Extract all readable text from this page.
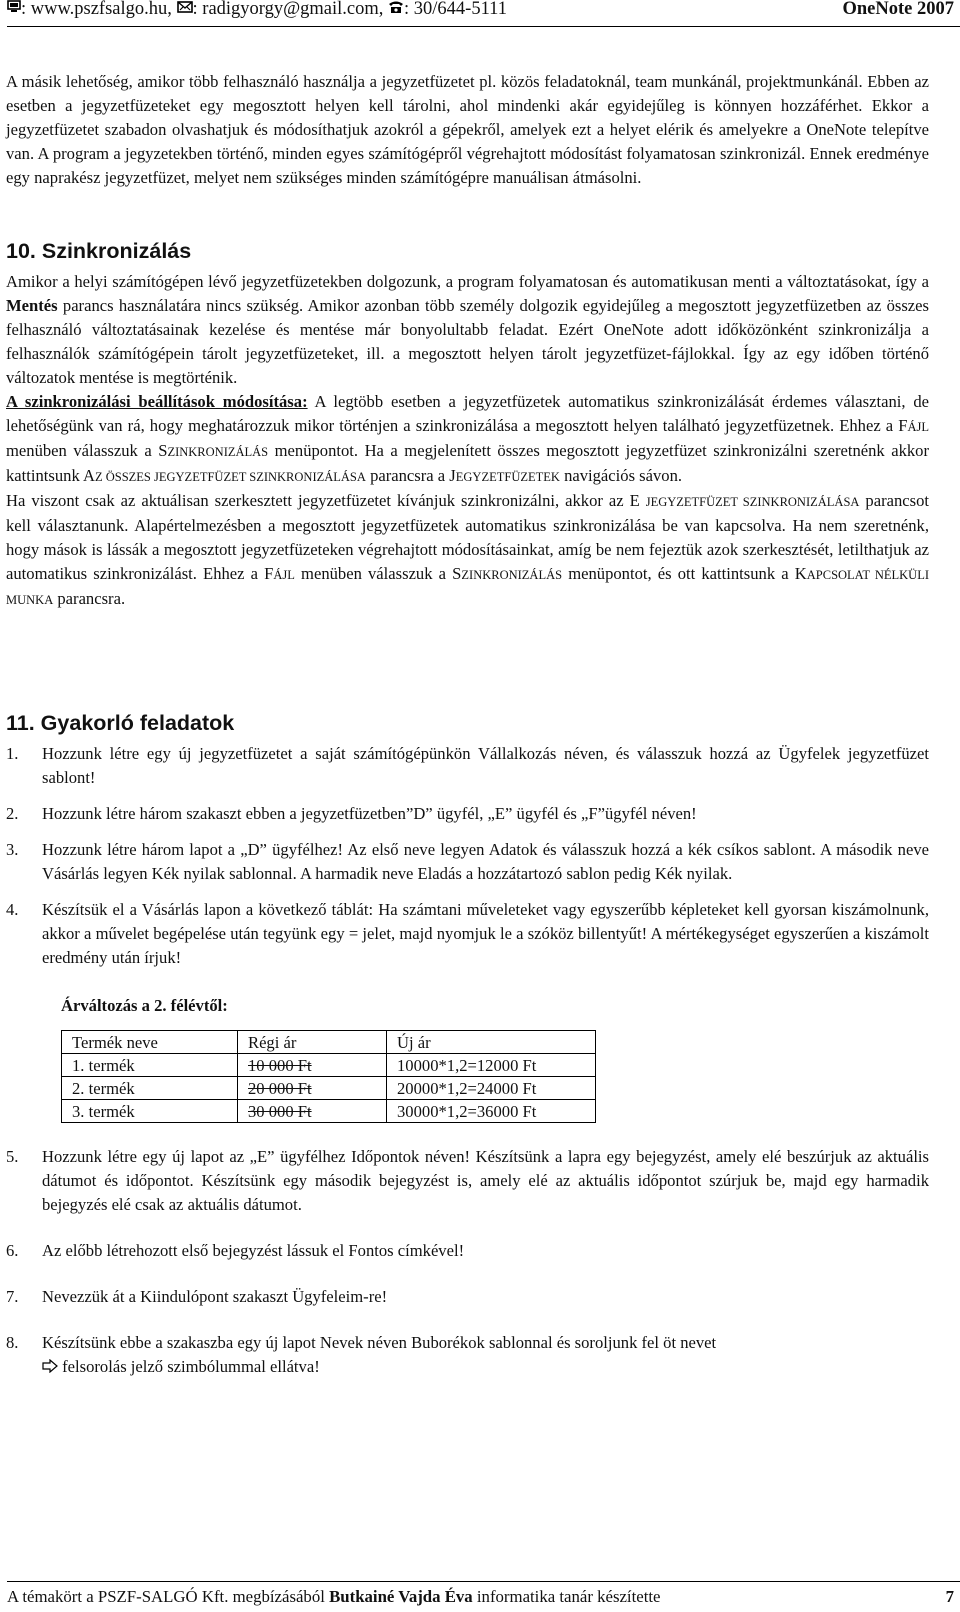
: www.pszfsalgo.hu, : radigyorgy@gmail.com, : 30/644-5111	OneNote 2007

A másik lehetőség, amikor több felhasználó használja a jegyzetfüzetet pl. közös feladatoknál, team munkánál, projektmunkánál. Ebben az esetben a jegyzetfüzeteket egy megosztott helyen kell tárolni, ahol mindenki akár egyidejűleg is könnyen hozzáférhet. Ekkor a jegyzetfüzetet szabadon olvashatjuk és módosíthatjuk azokról a gépekről, amelyek ezt a helyet elérik és amelyekre a OneNote telepítve van. A program a jegyzetekben történő, minden egyes számítógépről végrehajtott módosítást folyamatosan szinkronizál. Ennek eredménye egy naprakész jegyzetfüzet, melyet nem szükséges minden számítógépre manuálisan átmásolni.

10. Szinkronizálás

Amikor a helyi számítógépen lévő jegyzetfüzetekben dolgozunk, a program folyamatosan és automatikusan menti a változtatásokat, így a Mentés parancs használatára nincs szükség. Amikor azonban több személy dolgozik egyidejűleg a megosztott jegyzetfüzetben az összes felhasználó változtatásainak kezelése és mentése már bonyolultabb feladat. Ezért OneNote adott időközönként szinkronizálja a felhasználók számítógépein tárolt jegyzetfüzeteket, ill. a megosztott helyen tárolt jegyzetfüzet-fájlokkal. Így az egy időben történő változatok mentése is megtörténik.

A szinkronizálási beállítások módosítása: A legtöbb esetben a jegyzetfüzetek automatikus szinkronizálását érdemes választani, de lehetőségünk van rá, hogy meghatározzuk mikor történjen a szinkronizálása a megosztott helyen található jegyzetfüzetnek. Ehhez a FÁJL menüben válasszuk a SZINKRONIZÁLÁS menüpontot. Ha a megjelenített összes megosztott jegyzetfüzet szinkronizálni szeretnénk akkor kattintsunk AZ ÖSSZES JEGYZETFÜZET SZINKRONIZÁLÁSA parancsra a JEGYZETFÜZETEK navigációs sávon.

Ha viszont csak az aktuálisan szerkesztett jegyzetfüzetet kívánjuk szinkronizálni, akkor az E JEGYZETFÜZET SZINKRONIZÁLÁSA parancsot kell választanunk. Alapértelmezésben a megosztott jegyzetfüzetek automatikus szinkronizálása be van kapcsolva. Ha nem szeretnénk, hogy mások is lássák a megosztott jegyzetfüzeteken végrehajtott módosításainkat, amíg be nem fejeztük azok szerkesztését, letilthatjuk az automatikus szinkronizálást. Ehhez a FÁJL menüben válasszuk a SZINKRONIZÁLÁS menüpontot, és ott kattintsunk a KAPCSOLAT NÉLKÜLI MUNKA parancsra.

11. Gyakorló feladatok
1.	Hozzunk létre egy új jegyzetfüzetet a saját számítógépünkön Vállalkozás néven, és válasszuk hozzá az Ügyfelek jegyzetfüzet sablont!
2.	Hozzunk létre három szakaszt ebben a jegyzetfüzetben”D” ügyfél, „E” ügyfél és „F”ügyfél néven!
3.	Hozzunk létre három lapot a „D” ügyfélhez! Az első neve legyen Adatok és válasszuk hozzá a kék csíkos sablont. A második neve Vásárlás legyen Kék nyilak sablonnal. A harmadik neve Eladás a hozzátartozó sablon pedig Kék nyilak.
4.	Készítsük el a Vásárlás lapon a következő táblát: Ha számtani műveleteket vagy egyszerűbb képleteket kell gyorsan kiszámolnunk, akkor a művelet begépelése után tegyünk egy = jelet, majd nyomjuk le a szóköz billentyűt! A mértékegységet egyszerűen a kiszámolt eredmény után írjuk!
Árváltozás a 2. félévtől:
Termék neve	Régi ár	Új ár
1. termék	10 000 Ft	10000*1,2=12000 Ft
2. termék	20 000 Ft	20000*1,2=24000 Ft
3. termék	30 000 Ft	30000*1,2=36000 Ft
5.	Hozzunk létre egy új lapot az „E” ügyfélhez Időpontok néven! Készítsünk a lapra egy bejegyzést, amely elé beszúrjuk az aktuális dátumot és időpontot. Készítsünk egy második bejegyzést is, amely elé az aktuális időpontot szúrjuk be, majd egy harmadik bejegyzés elé csak az aktuális dátumot.
6.	Az előbb létrehozott első bejegyzést lássuk el Fontos címkével!
7.	Nevezzük át a Kiindulópont szakaszt Ügyfeleim-re!
8.	Készítsünk ebbe a szakaszba egy új lapot Nevek néven Buborékok sablonnal és soroljunk fel öt nevet
felsorolás jelző szimbólummal ellátva!
A témakört a PSZF-SALGÓ Kft. megbízásából Butkainé Vajda Éva informatika tanár készítette	7
